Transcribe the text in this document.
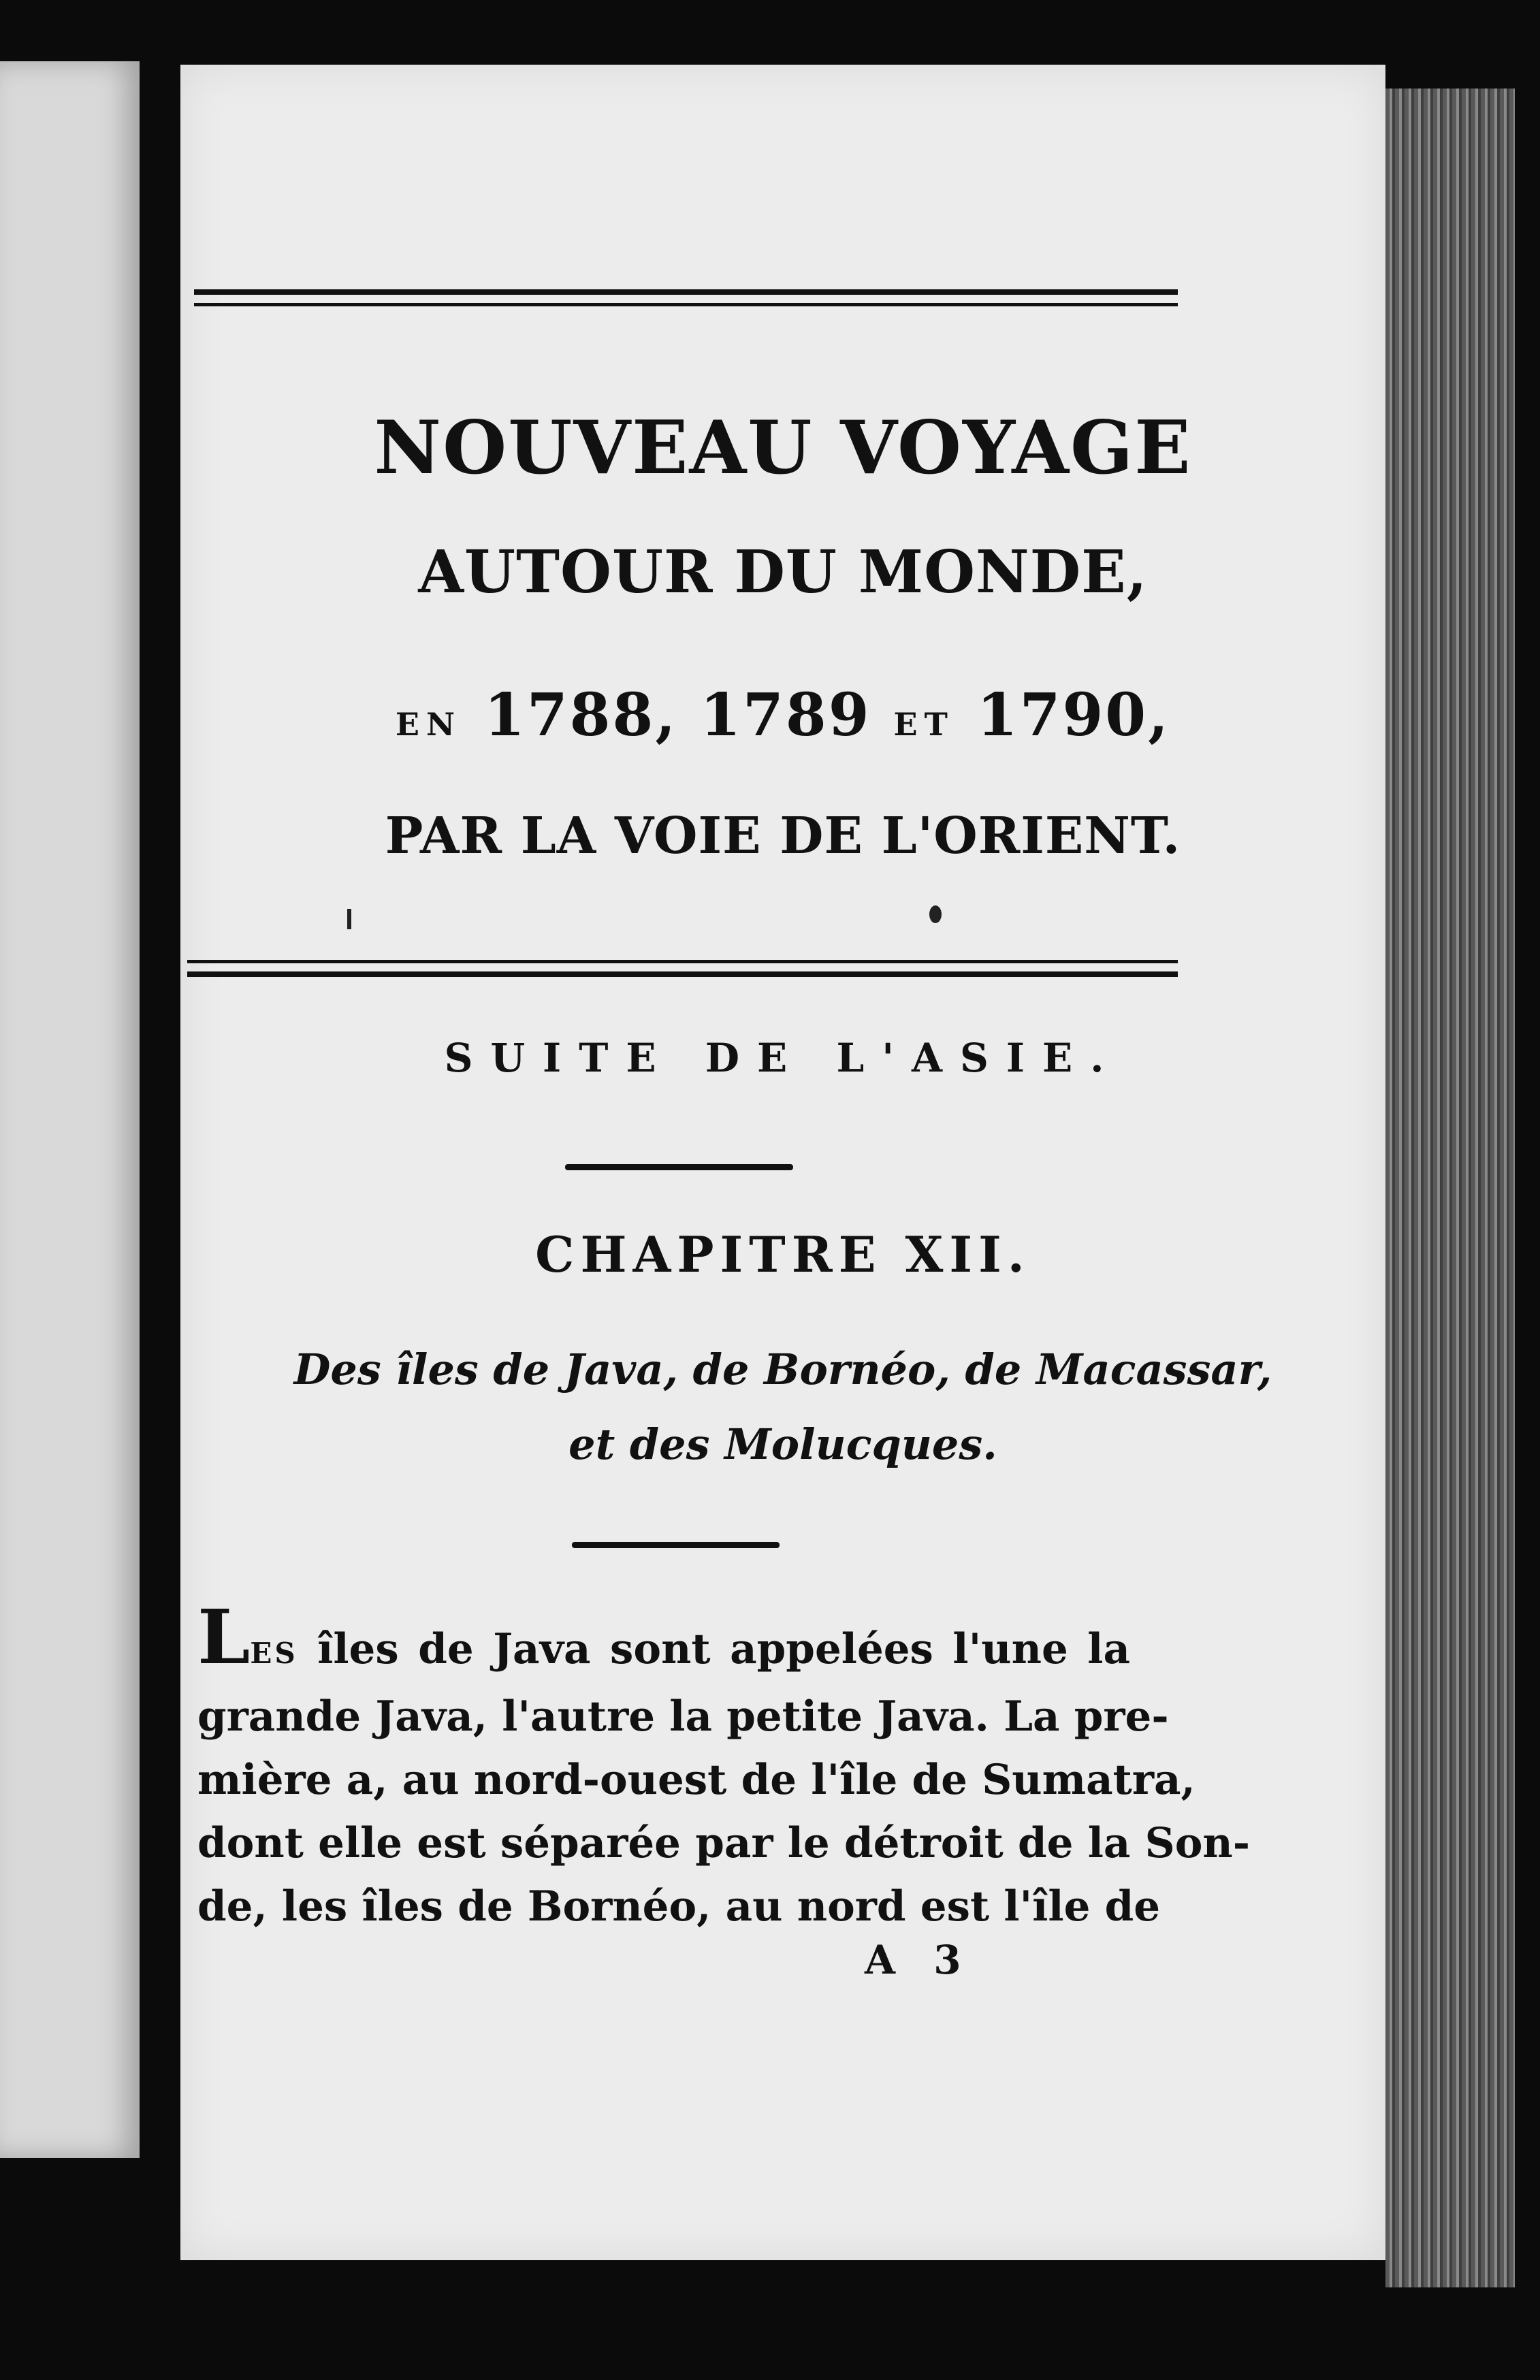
NOUVEAU VOYAGE
AUTOUR DU MONDE,
EN 1788, 1789 ET 1790,
PAR LA VOIE DE L'ORIENT.
SUITE DE L'ASIE.
CHAPITRE XII.
Des îles de Java, de Bornéo, de Macassar,
et des Molucques.
LES îles de Java sont appelées l'une la
grande Java, l'autre la petite Java. La pre-
mière a, au nord-ouest de l'île de Sumatra,
dont elle est séparée par le détroit de la Son-
de, les îles de Bornéo, au nord est l'île de
A 3
